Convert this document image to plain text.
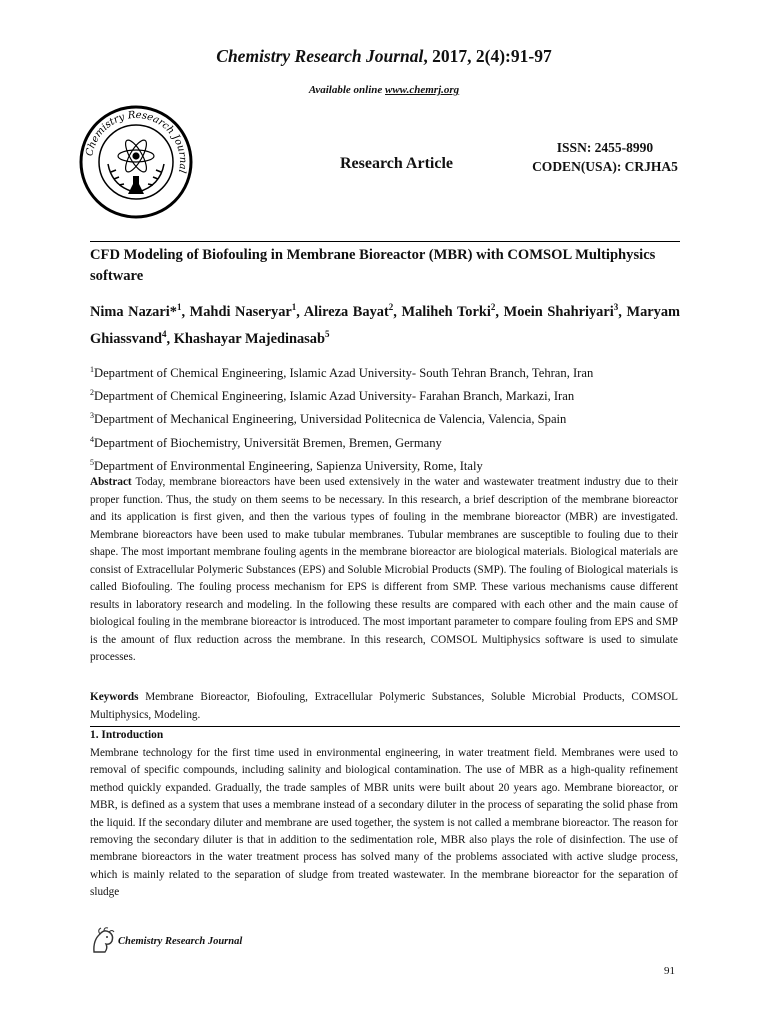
Chemistry Research Journal, 2017, 2(4):91-97
Available online www.chemrj.org
Chemistry Research Journal	Research Article
ISSN: 2455-8990
CODEN(USA): CRJHA5
CFD Modeling of Biofouling in Membrane Bioreactor (MBR) with COMSOL Multiphysics software
Nima Nazari*$^1$, Mahdi Naseryar$^1$, Alireza Bayat$^2$, Maliheh Torki$^2$, Moein Shahriyari$^3$, Maryam Ghiassvand$^4$, Khashayar Majedinasab$^5$
$^1$Department of Chemical Engineering, Islamic Azad University- South Tehran Branch, Tehran, Iran
$^2$Department of Chemical Engineering, Islamic Azad University- Farahan Branch, Markazi, Iran
$^3$Department of Mechanical Engineering, Universidad Politecnica de Valencia, Valencia, Spain
$^4$Department of Biochemistry, Universität Bremen, Bremen, Germany
$^5$Department of Environmental Engineering, Sapienza University, Rome, Italy
Abstract Today, membrane bioreactors have been used extensively in the water and wastewater treatment industry due to their proper function. Thus, the study on them seems to be necessary. In this research, a brief description of the membrane bioreactor and its application is first given, and then the various types of fouling in the membrane bioreactor (MBR) are investigated. Membrane bioreactors have been used to make tubular membranes. Tubular membranes are susceptible to fouling due to their shape. The most important membrane fouling agents in the membrane bioreactor are biological materials. Biological materials are consist of Extracellular Polymeric Substances (EPS) and Soluble Microbial Products (SMP). The fouling of Biological materials is called Biofouling. The fouling process mechanism for EPS is different from SMP. These various mechanisms cause different results in laboratory research and modeling. In the following these results are compared with each other and the main cause of biological fouling in the membrane bioreactor is introduced. The most important parameter to compare fouling from EPS and SMP is the amount of flux reduction across the membrane. In this research, COMSOL Multiphysics software is used to simulate processes.
Keywords Membrane Bioreactor, Biofouling, Extracellular Polymeric Substances, Soluble Microbial Products, COMSOL Multiphysics, Modeling.
1. Introduction
Membrane technology for the first time used in environmental engineering, in water treatment field. Membranes were used to removal of specific compounds, including salinity and biological contamination. The use of MBR as a high-quality refinement method quickly expanded. Gradually, the trade samples of MBR units were built about 20 years ago. Membrane bioreactor, or MBR, is defined as a system that uses a membrane instead of a secondary diluter in the process of separating the solid phase from the liquid. If the secondary diluter and membrane are used together, the system is not called a membrane bioreactor. The reason for removing the secondary diluter is that in addition to the sedimentation role, MBR also plays the role of disinfection. The use of membrane bioreactors in the water treatment process has solved many of the problems associated with active sludge process, which is mainly related to the separation of sludge from treated wastewater. In the membrane bioreactor for the separation of sludge
Chemistry Research Journal
91
